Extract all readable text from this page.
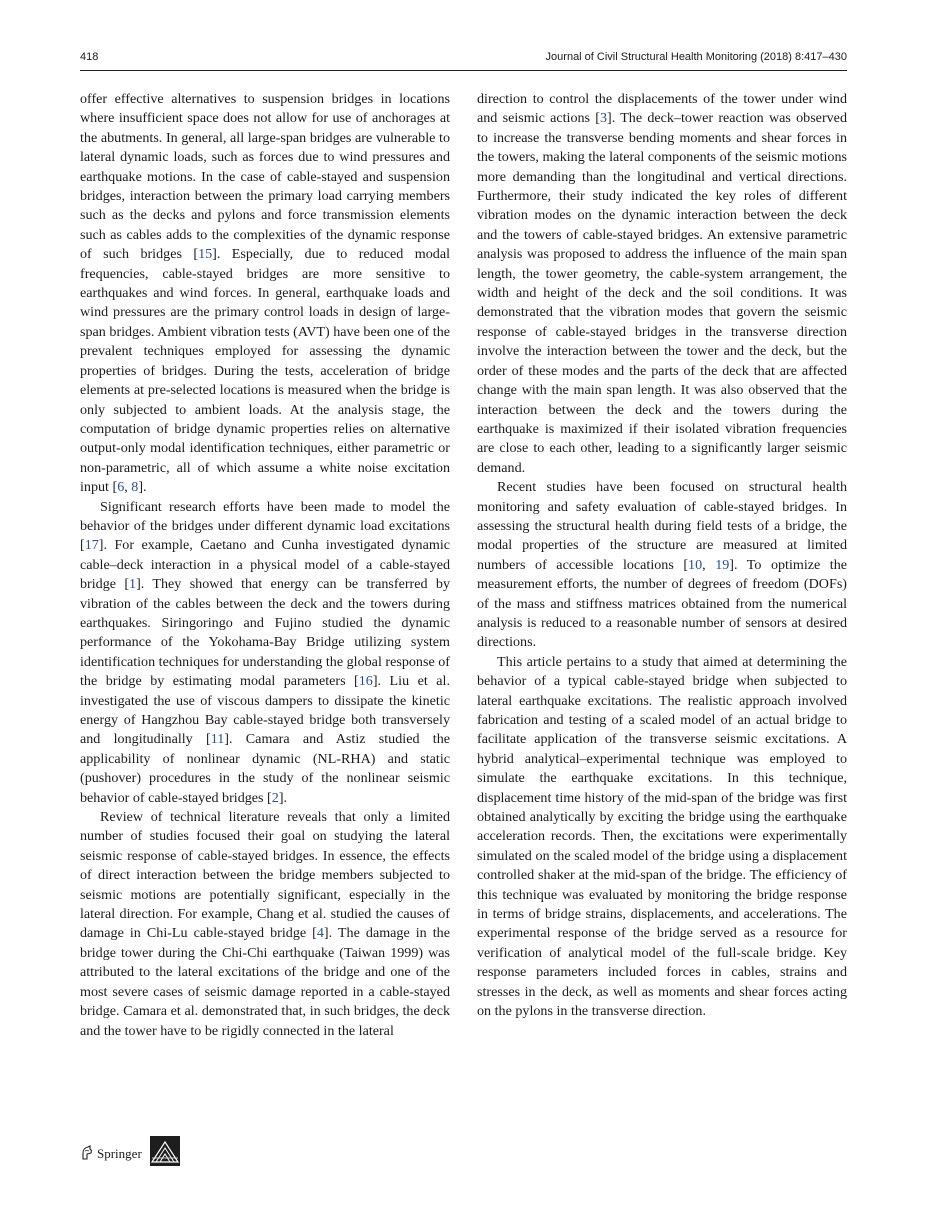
418	Journal of Civil Structural Health Monitoring (2018) 8:417–430

offer effective alternatives to suspension bridges in locations where insufficient space does not allow for use of anchorages at the abutments. In general, all large-span bridges are vulnerable to lateral dynamic loads, such as forces due to wind pressures and earthquake motions. In the case of cable-stayed and suspension bridges, interaction between the primary load carrying members such as the decks and pylons and force transmission elements such as cables adds to the complexities of the dynamic response of such bridges [15]. Especially, due to reduced modal frequencies, cable-stayed bridges are more sensitive to earthquakes and wind forces. In general, earthquake loads and wind pressures are the primary control loads in design of large-span bridges. Ambient vibration tests (AVT) have been one of the prevalent techniques employed for assessing the dynamic properties of bridges. During the tests, acceleration of bridge elements at pre-selected locations is measured when the bridge is only subjected to ambient loads. At the analysis stage, the computation of bridge dynamic properties relies on alternative output-only modal identification techniques, either parametric or non-parametric, all of which assume a white noise excitation input [6, 8].

Significant research efforts have been made to model the behavior of the bridges under different dynamic load excitations [17]. For example, Caetano and Cunha investigated dynamic cable–deck interaction in a physical model of a cable-stayed bridge [1]. They showed that energy can be transferred by vibration of the cables between the deck and the towers during earthquakes. Siringoringo and Fujino studied the dynamic performance of the Yokohama-Bay Bridge utilizing system identification techniques for understanding the global response of the bridge by estimating modal parameters [16]. Liu et al. investigated the use of viscous dampers to dissipate the kinetic energy of Hangzhou Bay cable-stayed bridge both transversely and longitudinally [11]. Camara and Astiz studied the applicability of nonlinear dynamic (NL-RHA) and static (pushover) procedures in the study of the nonlinear seismic behavior of cable-stayed bridges [2].

Review of technical literature reveals that only a limited number of studies focused their goal on studying the lateral seismic response of cable-stayed bridges. In essence, the effects of direct interaction between the bridge members subjected to seismic motions are potentially significant, especially in the lateral direction. For example, Chang et al. studied the causes of damage in Chi-Lu cable-stayed bridge [4]. The damage in the bridge tower during the Chi-Chi earthquake (Taiwan 1999) was attributed to the lateral excitations of the bridge and one of the most severe cases of seismic damage reported in a cable-stayed bridge. Camara et al. demonstrated that, in such bridges, the deck and the tower have to be rigidly connected in the lateral

direction to control the displacements of the tower under wind and seismic actions [3]. The deck–tower reaction was observed to increase the transverse bending moments and shear forces in the towers, making the lateral components of the seismic motions more demanding than the longitudinal and vertical directions. Furthermore, their study indicated the key roles of different vibration modes on the dynamic interaction between the deck and the towers of cable-stayed bridges. An extensive parametric analysis was proposed to address the influence of the main span length, the tower geometry, the cable-system arrangement, the width and height of the deck and the soil conditions. It was demonstrated that the vibration modes that govern the seismic response of cable-stayed bridges in the transverse direction involve the interaction between the tower and the deck, but the order of these modes and the parts of the deck that are affected change with the main span length. It was also observed that the interaction between the deck and the towers during the earthquake is maximized if their isolated vibration frequencies are close to each other, leading to a significantly larger seismic demand.

Recent studies have been focused on structural health monitoring and safety evaluation of cable-stayed bridges. In assessing the structural health during field tests of a bridge, the modal properties of the structure are measured at limited numbers of accessible locations [10, 19]. To optimize the measurement efforts, the number of degrees of freedom (DOFs) of the mass and stiffness matrices obtained from the numerical analysis is reduced to a reasonable number of sensors at desired directions.

This article pertains to a study that aimed at determining the behavior of a typical cable-stayed bridge when subjected to lateral earthquake excitations. The realistic approach involved fabrication and testing of a scaled model of an actual bridge to facilitate application of the transverse seismic excitations. A hybrid analytical–experimental technique was employed to simulate the earthquake excitations. In this technique, displacement time history of the mid-span of the bridge was first obtained analytically by exciting the bridge using the earthquake acceleration records. Then, the excitations were experimentally simulated on the scaled model of the bridge using a displacement controlled shaker at the mid-span of the bridge. The efficiency of this technique was evaluated by monitoring the bridge response in terms of bridge strains, displacements, and accelerations. The experimental response of the bridge served as a resource for verification of analytical model of the full-scale bridge. Key response parameters included forces in cables, strains and stresses in the deck, as well as moments and shear forces acting on the pylons in the transverse direction.

Springer
